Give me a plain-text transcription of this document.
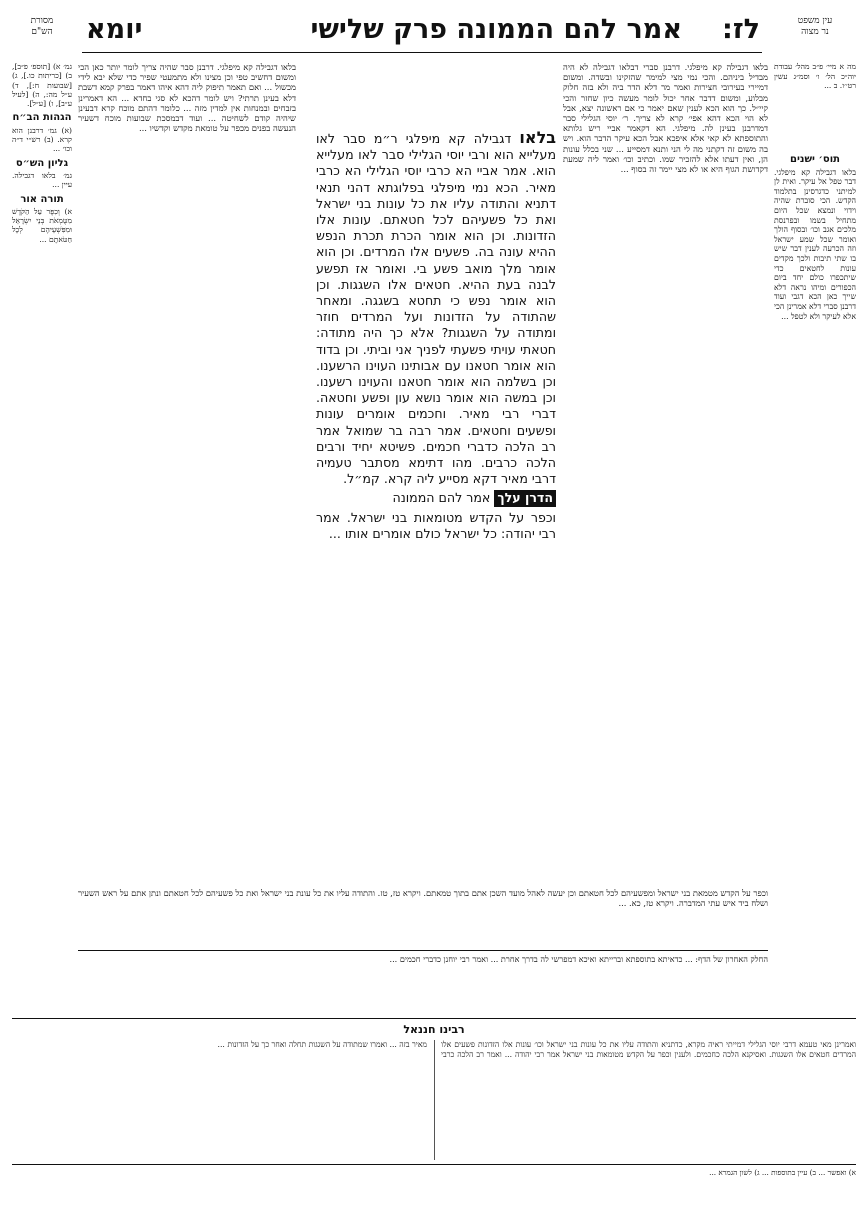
עין משפט
נר מצוה
לז:
אמר להם הממונה פרק שלישי
יומא
מסורת
הש"ם

מה א מיי׳ פ״ב מהל׳ עבודת יוה״כ הל׳ ו׳ וסמ״ג עשין רט׳׳ו. ב ...

תוס׳ ישנים

בלאו דגבילה קא מיפלגי. דבר טפל אל עיקר. ואית לן למיתני כדגרסינן בתלמוד הקדש. הכי סוברת שהיה וידוי ונמצא שכל היום מתחיל בשמו ובפרנסת מלכים אגב וכו׳ ובסוף הולך ואומר שכל שמע ישראל וזה הכרעה לענין דבר שיש בו שתי תיבות ולכך מקדים עונות לחטאים כדי שיתכפרו כולם יחד ביום הכפורים ומיהו נראה דלא שייך כאן הכא דגבי ועוד דרבנן סברי דלא אמרינן הכי אלא לעיקר ולא לטפל ...

גמ׳ א) [תוספ׳ פ״ב], ב) [כריתות כו.], ג) [שבועות ח:], ד) ע״ל מה:, ה) [לעיל ע״ב], ו) [ע״ל].

הגהות הב״ח

(א) גמ׳ דרבנן הוא קרא. (ב) רש״י ד״ה וכו׳ ...

גליון הש״ס

גמ׳ בלאו דגבילה. עיין ...

תורה אור

א) וְכִפֶּר עַל הַקֹּדֶשׁ מִטֻּמְאֹת בְּנֵי יִשְׂרָאֵל וּמִפִּשְׁעֵיהֶם לְכָל חַטֹּאתָם ...

בלאו דגבילה קא מיפלגי. דרבנן סברי דבלאו דגבילה לא היה מבדיל ביניהם. והכי נמי מצי למימר שהזקינו ובשדה. ומשום דמיירי בעירובי חצירות ואמר מר דלא הדר ביה ולא בזה חלוק מבלוע, ומשום דדבר אחר יכול לומר מעשה כיון שחזר והכי קיי״ל. כך הוא הכא לענין שאם יאמר כי אם ראשונה יצא, אבל לא הוי הכא דהא אפי׳ קרא לא צריך. ר׳ יוסי הגלילי סבר דמדרבנן בעינן לה. מיפלגי. הא דקאמר אביי ריש גלותא והתוספתא לא קאי אלא איפכא אבל הכא עיקר הדבר הוא. ויש בה משום זה דקתני מה לי הני ותנא דמסייע ... שני בכלל עונות הן, ואין דעתו אלא להזכיר שמו. וכתיב וכו׳ ואמר ליה שמעת דקדושת הגוף היא או לא מצי יימר זה בסוף ...

בלאו דגבילה קא מיפלגי. דרבנן סבר שהיה צריך לומר יותר כאן הכי ומשום דחשיב טפי וכן מצינו ולא מתמעטי שפיר כדי שלא יבא לידי מכשול ... ואם תאמר תיפוק ליה דהא איהו דאמר בפרק קמא דשבת דלא בעינן תרתי? ויש לומר דהכא לא סגי בחדא ... הא דאמרינן בזבחים ובמנחות אין למדין מזה ... כלומר דהתם מוכח קרא דבעינן שיהיה קודם לשחיטה ... ועוד דבמסכת שבועות מוכח דשעיר הנעשה בפנים מכפר על טומאת מקדש וקדשיו ...	בלאו דגבילה קא מיפלגי ר״מ סבר לאו מעלייא הוא ורבי יוסי הגלילי סבר לאו מעלייא הוא. אמר אביי הא כרבי יוסי הגלילי הא כרבי מאיר. הכא נמי מיפלגי בפלוגתא דהני תנאי דתניא והתודה עליו את כל עונות בני ישראל ואת כל פשעיהם לכל חטאתם. עונות אלו הזדונות. וכן הוא אומר הכרת תכרת הנפש ההיא עונה בה. פשעים אלו המרדים. וכן הוא אומר מלך מואב פשע בי. ואומר אז תפשע לבנה בעת ההיא. חטאים אלו השגגות. וכן הוא אומר נפש כי תחטא בשגגה. ומאחר שהתודה על הזדונות ועל המרדים חוזר ומתודה על השגגות? אלא כך היה מתודה: חטאתי עויתי פשעתי לפניך אני וביתי. וכן בדוד הוא אומר חטאנו עם אבותינו העוינו הרשענו. וכן בשלמה הוא אומר חטאנו והעוינו רשענו. וכן במשה הוא אומר נושא עון ופשע וחטאה. דברי רבי מאיר. וחכמים אומרים עונות ופשעים וחטאים. אמר רבה בר שמואל אמר רב הלכה כדברי חכמים. פשיטא יחיד ורבים הלכה כרבים. מהו דתימא מסתבר טעמיה דרבי מאיר דקא מסייע ליה קרא. קמ״ל.

הדרן עלך אמר להם הממונה

וכפר על הקדש מטומאות בני ישראל. אמר רבי יהודה: כל ישראל כולם אומרים אותו ...

וכפר על הקדש מטמאת בני ישראל ומפשעיהם לכל חטאתם וכן יעשה לאהל מועד השכן אתם בתוך טמאתם. ויקרא טז, טז. והתודה עליו את כל עונת בני ישראל ואת כל פשעיהם לכל חטאתם ונתן אתם על ראש השעיר ושלח ביד איש עתי המדברה. ויקרא טז, כא. ...
החלק האחרון של הדף: ... כדאיתא בתוספתא וברייתא ואיכא דמפרשי לה בדרך אחרת ... ואמר רבי יוחנן כדברי חכמים ...
רבינו חננאל
ואמרינן מאי טעמא דרבי יוסי הגלילי דמייתי ראיה מקרא, כדתניא והתודה עליו את כל עונות בני ישראל וכו׳ עונות אלו הזדונות פשעים אלו המרדים חטאים אלו השגגות. ואסיקנא הלכה כחכמים. ולענין וכפר על הקדש מטומאות בני ישראל אמר רבי יהודה ... ואמר רב הלכה כרבי מאיר בזה ... ואמרו שמתודה על השגגות תחלה ואחר כך על הזדונות ...
א) ואפשר ... ב) עיין בתוספות ... ג) לשון הגמרא ...
